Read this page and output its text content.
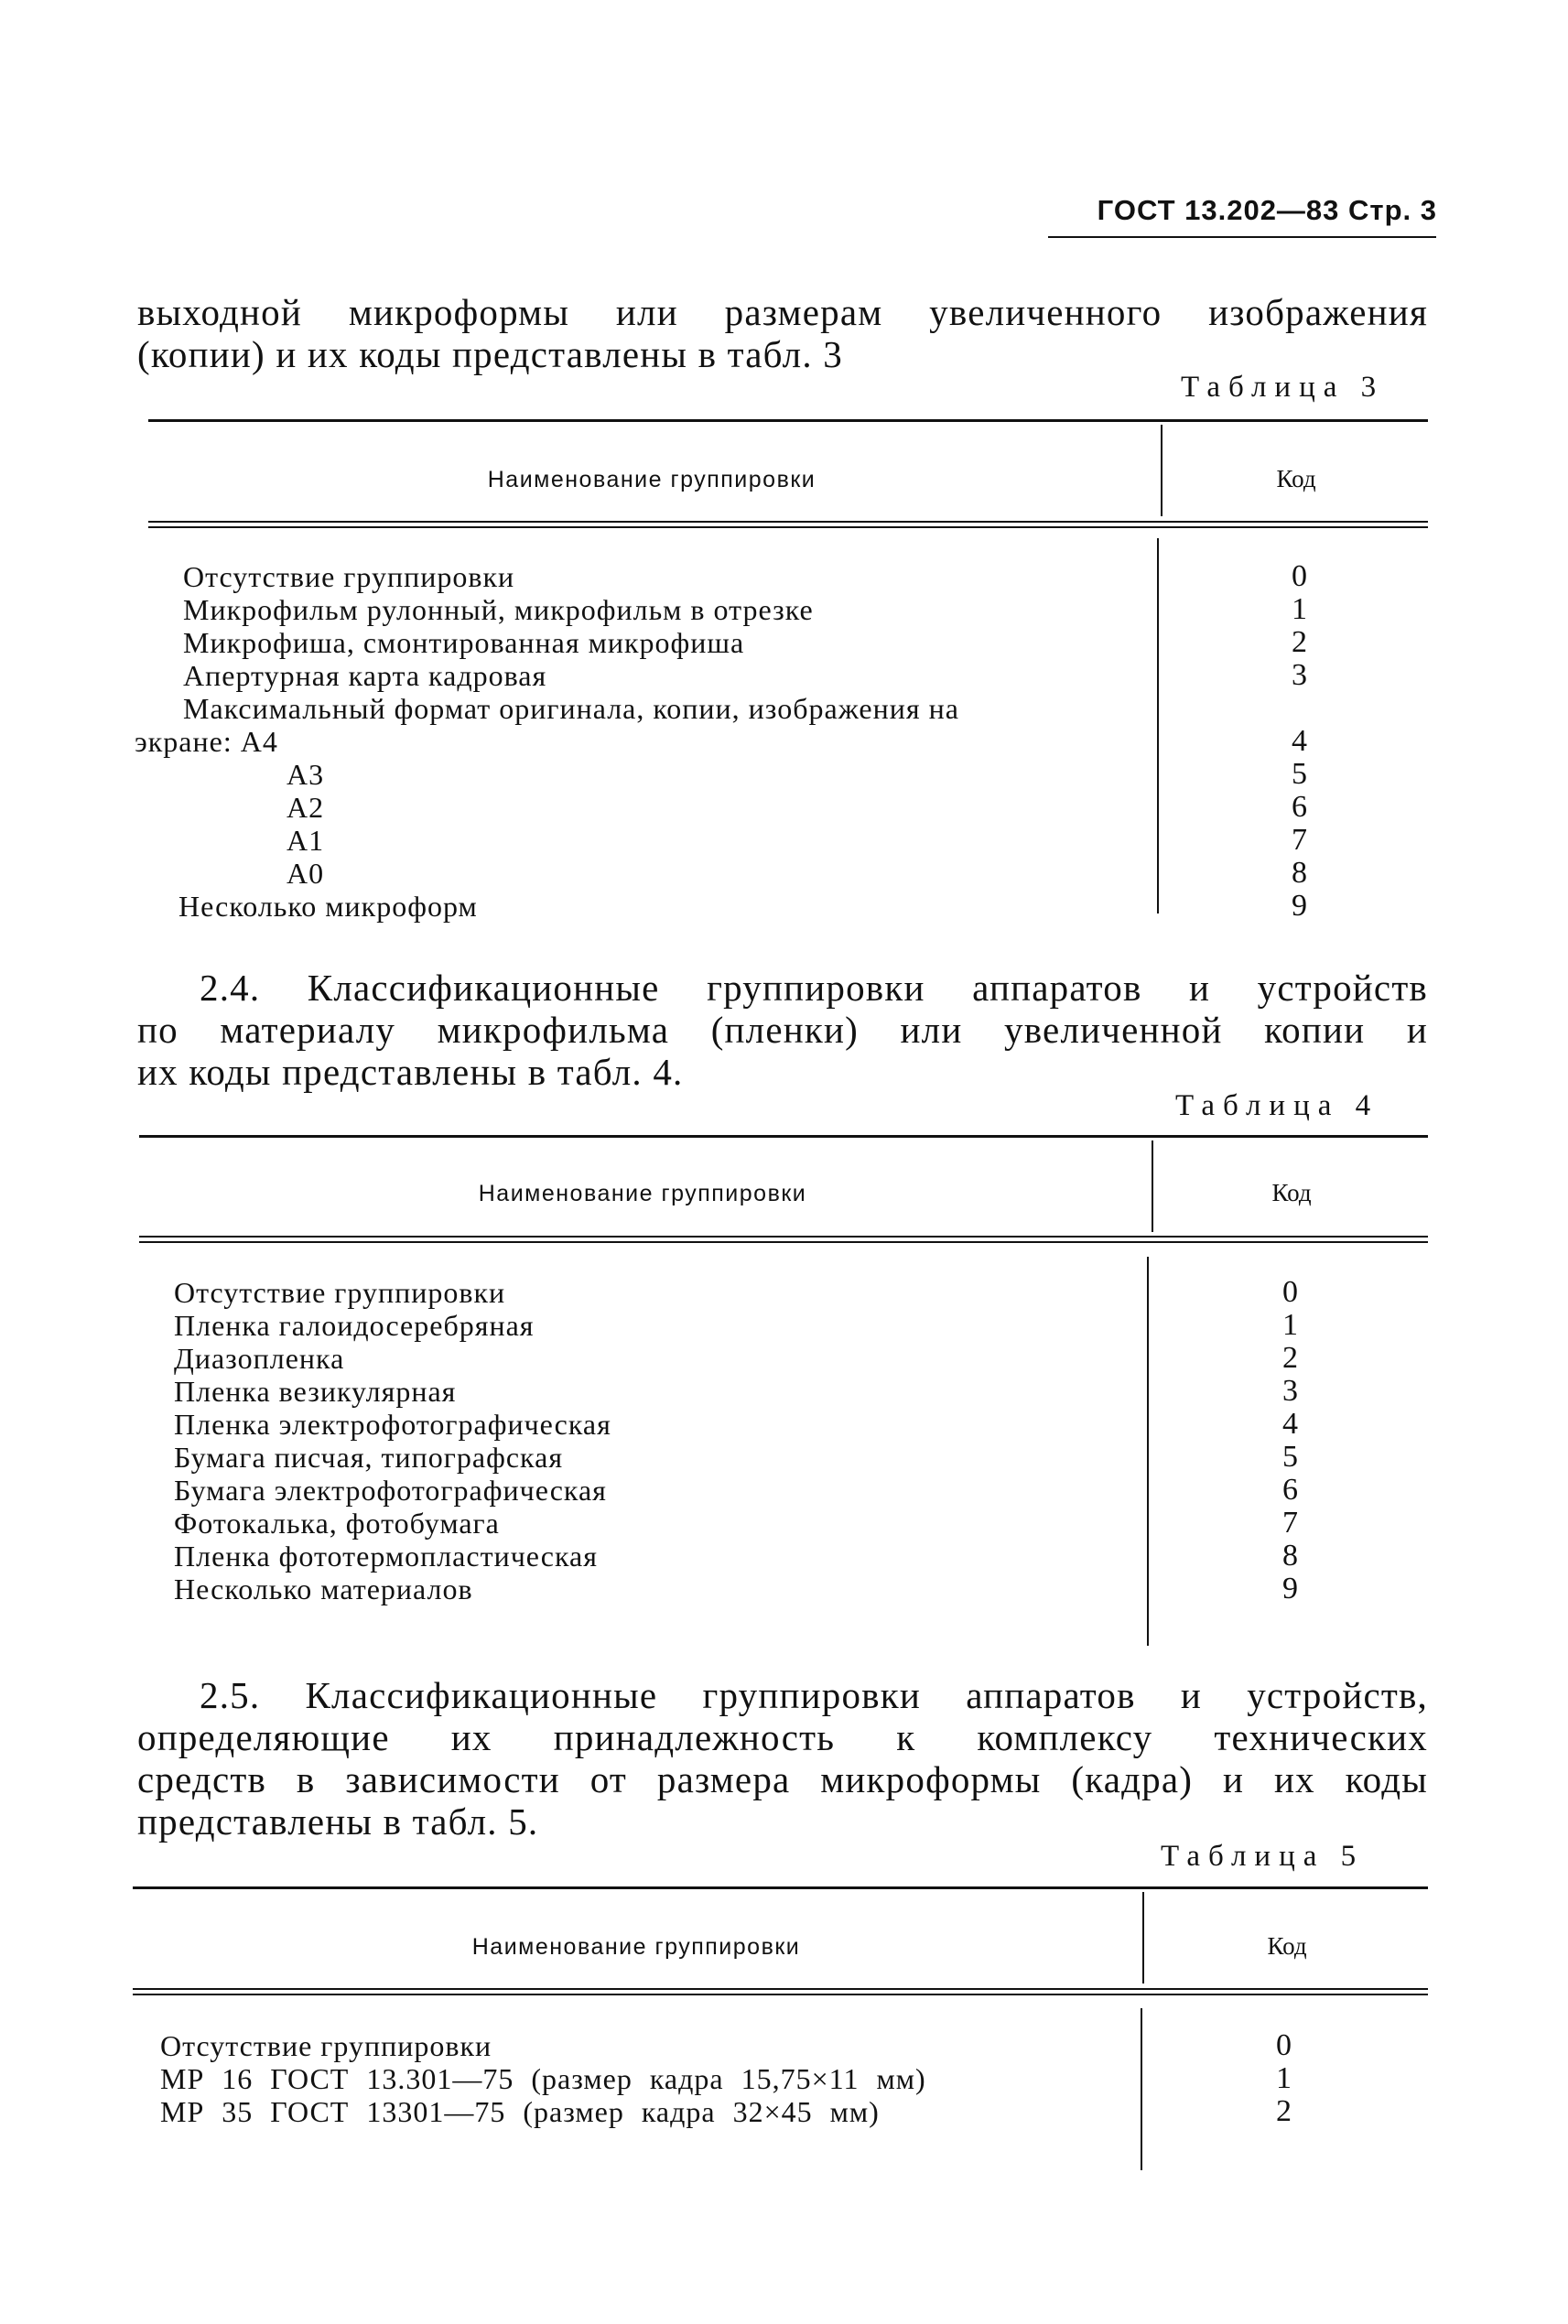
ГОСТ 13.202—83 Стр. 3
выходной микроформы или размерам увеличенного изображения
(копии) и их коды представлены в табл. 3
Таблица 3
Наименование группировки	Код
Отсутствие группировки	0
Микрофильм рулонный, микрофильм в отрезке	1
Микрофиша, смонтированная микрофиша	2
Апертурная карта кадровая	3
Максимальный формат оригинала, копии, изображения на
экране: А4	4
А3	5
А2	6
А1	7
А0	8
Несколько микроформ	9
2.4. Классификационные группировки аппаратов и устройств
по материалу микрофильма (пленки) или увеличенной копии и
их коды представлены в табл. 4.
Таблица 4
Наименование группировки	Код
Отсутствие группировки	0
Пленка галоидосеребряная	1
Диазопленка	2
Пленка везикулярная	3
Пленка электрофотографическая	4
Бумага писчая, типографская	5
Бумага электрофотографическая	6
Фотокалька, фотобумага	7
Пленка фототермопластическая	8
Несколько материалов	9
2.5. Классификационные группировки аппаратов и устройств,
определяющие их принадлежность к комплексу технических
средств в зависимости от размера микроформы (кадра) и их коды
представлены в табл. 5.
Таблица 5
Наименование группировки	Код
Отсутствие группировки	0
МР 16 ГОСТ 13.301—75 (размер кадра 15,75×11 мм)	1
МР 35 ГОСТ 13301—75 (размер кадра 32×45 мм)	2
